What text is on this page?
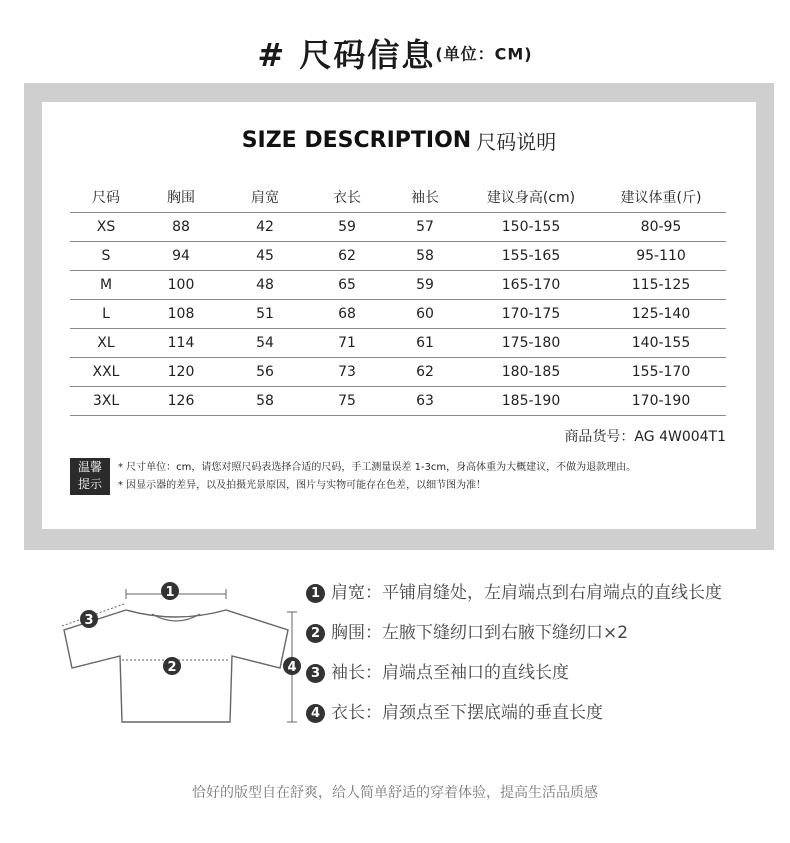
# 尺码信息(单位：CM)
SIZE DESCRIPTION 尺码说明
尺码	胸围	肩宽	衣长	袖长	建议身高(cm)	建议体重(斤)
XS	88	42	59	57	150-155	80-95
S	94	45	62	58	155-165	95-110
M	100	48	65	59	165-170	115-125
L	108	51	68	60	170-175	125-140
XL	114	54	71	61	175-180	140-155
XXL	120	56	73	62	180-185	155-170
3XL	126	58	75	63	185-190	170-190
商品货号：AG 4W004T1
温馨
提示
* 尺寸单位：cm，请您对照尺码表选择合适的尺码，手工测量误差 1-3cm，身高体重为大概建议，不做为退款理由。
* 因显示器的差异，以及拍摄光景原因，图片与实物可能存在色差，以细节图为准！
1
2
3
4
1 肩宽：平铺肩缝处，左肩端点到右肩端点的直线长度
2 胸围：左腋下缝纫口到右腋下缝纫口×2
3 袖长：肩端点至袖口的直线长度
4 衣长：肩颈点至下摆底端的垂直长度
恰好的版型自在舒爽，给人简单舒适的穿着体验，提高生活品质感
